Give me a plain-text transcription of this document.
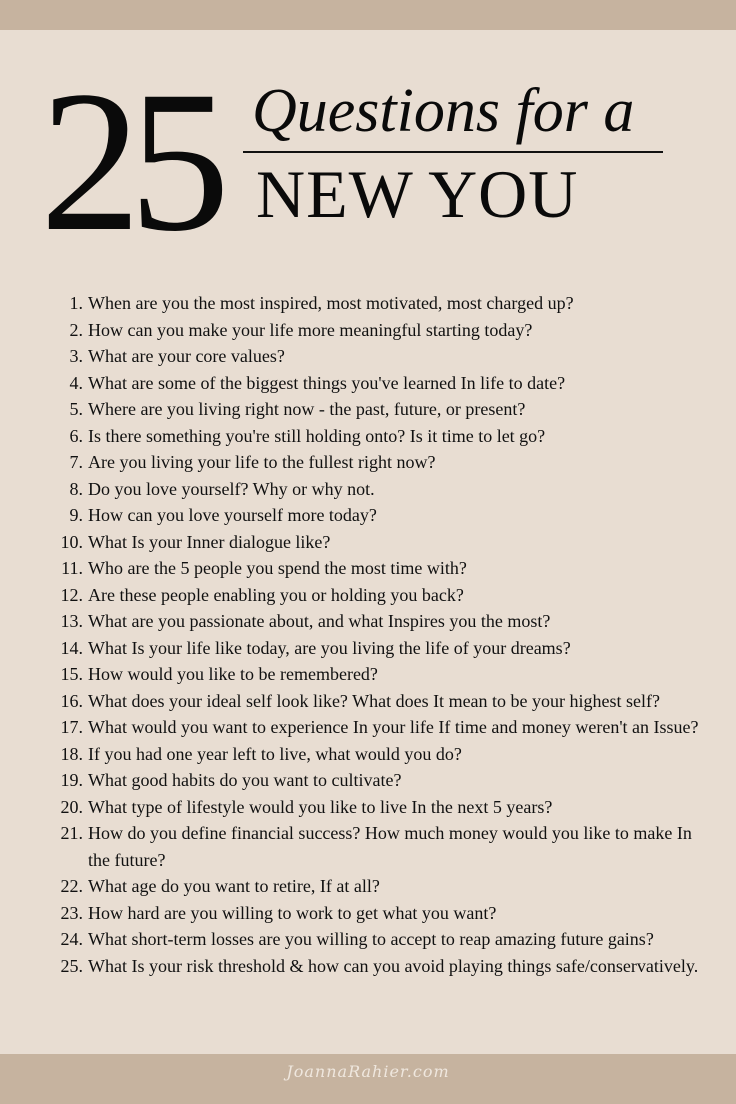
25 Questions for a
NEW YOU
1. When are you the most inspired, most motivated, most charged up?
2. How can you make your life more meaningful starting today?
3. What are your core values?
4. What are some of the biggest things you've learned In life to date?
5. Where are you living right now - the past, future, or present?
6. Is there something you're still holding onto? Is it time to let go?
7. Are you living your life to the fullest right now?
8. Do you love yourself? Why or why not.
9. How can you love yourself more today?
10. What Is your Inner dialogue like?
11. Who are the 5 people you spend the most time with?
12. Are these people enabling you or holding you back?
13. What are you passionate about, and what Inspires you the most?
14. What Is your life like today, are you living the life of your dreams?
15. How would you like to be remembered?
16. What does your ideal self look like? What does It mean to be your highest self?
17. What would you want to experience In your life If time and money weren't an Issue?
18. If you had one year left to live, what would you do?
19. What good habits do you want to cultivate?
20. What type of lifestyle would you like to live In the next 5 years?
21. How do you define financial success? How much money would you like to make In the future?
22. What age do you want to retire, If at all?
23. How hard are you willing to work to get what you want?
24. What short-term losses are you willing to accept to reap amazing future gains?
25. What Is your risk threshold & how can you avoid playing things safe/conservatively.
JoannaRahier.com
